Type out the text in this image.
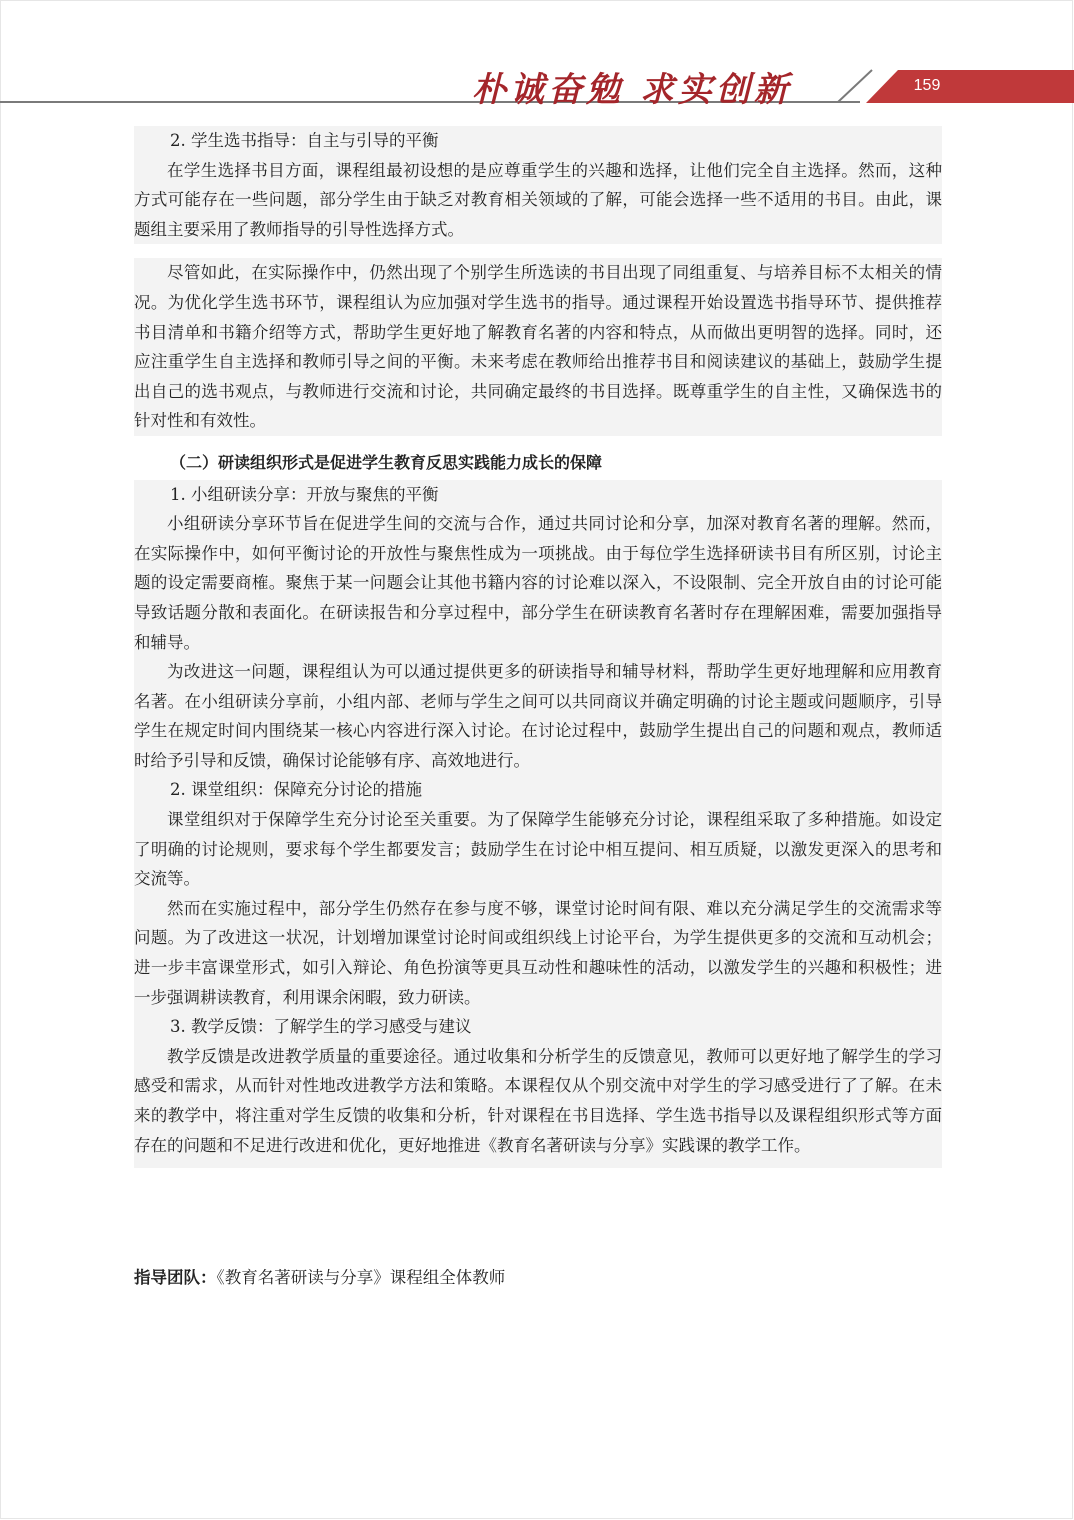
朴诚奋勉 求实创新	159

2. 学生选书指导：自主与引导的平衡

在学生选择书目方面，课程组最初设想的是应尊重学生的兴趣和选择，让他们完全自主选择。然而，这种方式可能存在一些问题，部分学生由于缺乏对教育相关领域的了解，可能会选择一些不适用的书目。由此，课题组主要采用了教师指导的引导性选择方式。

尽管如此，在实际操作中，仍然出现了个别学生所选读的书目出现了同组重复、与培养目标不太相关的情况。为优化学生选书环节，课程组认为应加强对学生选书的指导。通过课程开始设置选书指导环节、提供推荐书目清单和书籍介绍等方式，帮助学生更好地了解教育名著的内容和特点，从而做出更明智的选择。同时，还应注重学生自主选择和教师引导之间的平衡。未来考虑在教师给出推荐书目和阅读建议的基础上，鼓励学生提出自己的选书观点，与教师进行交流和讨论，共同确定最终的书目选择。既尊重学生的自主性，又确保选书的针对性和有效性。

（二）研读组织形式是促进学生教育反思实践能力成长的保障

1. 小组研读分享：开放与聚焦的平衡

小组研读分享环节旨在促进学生间的交流与合作，通过共同讨论和分享，加深对教育名著的理解。然而，在实际操作中，如何平衡讨论的开放性与聚焦性成为一项挑战。由于每位学生选择研读书目有所区别，讨论主题的设定需要商榷。聚焦于某一问题会让其他书籍内容的讨论难以深入，不设限制、完全开放自由的讨论可能导致话题分散和表面化。在研读报告和分享过程中，部分学生在研读教育名著时存在理解困难，需要加强指导和辅导。

为改进这一问题，课程组认为可以通过提供更多的研读指导和辅导材料，帮助学生更好地理解和应用教育名著。在小组研读分享前，小组内部、老师与学生之间可以共同商议并确定明确的讨论主题或问题顺序，引导学生在规定时间内围绕某一核心内容进行深入讨论。在讨论过程中，鼓励学生提出自己的问题和观点，教师适时给予引导和反馈，确保讨论能够有序、高效地进行。

2. 课堂组织：保障充分讨论的措施

课堂组织对于保障学生充分讨论至关重要。为了保障学生能够充分讨论，课程组采取了多种措施。如设定了明确的讨论规则，要求每个学生都要发言；鼓励学生在讨论中相互提问、相互质疑，以激发更深入的思考和交流等。

然而在实施过程中，部分学生仍然存在参与度不够，课堂讨论时间有限、难以充分满足学生的交流需求等问题。为了改进这一状况，计划增加课堂讨论时间或组织线上讨论平台，为学生提供更多的交流和互动机会；进一步丰富课堂形式，如引入辩论、角色扮演等更具互动性和趣味性的活动，以激发学生的兴趣和积极性；进一步强调耕读教育，利用课余闲暇，致力研读。

3. 教学反馈：了解学生的学习感受与建议

教学反馈是改进教学质量的重要途径。通过收集和分析学生的反馈意见，教师可以更好地了解学生的学习感受和需求，从而针对性地改进教学方法和策略。本课程仅从个别交流中对学生的学习感受进行了了解。在未来的教学中，将注重对学生反馈的收集和分析，针对课程在书目选择、学生选书指导以及课程组织形式等方面存在的问题和不足进行改进和优化，更好地推进《教育名著研读与分享》实践课的教学工作。

指导团队：《教育名著研读与分享》课程组全体教师
